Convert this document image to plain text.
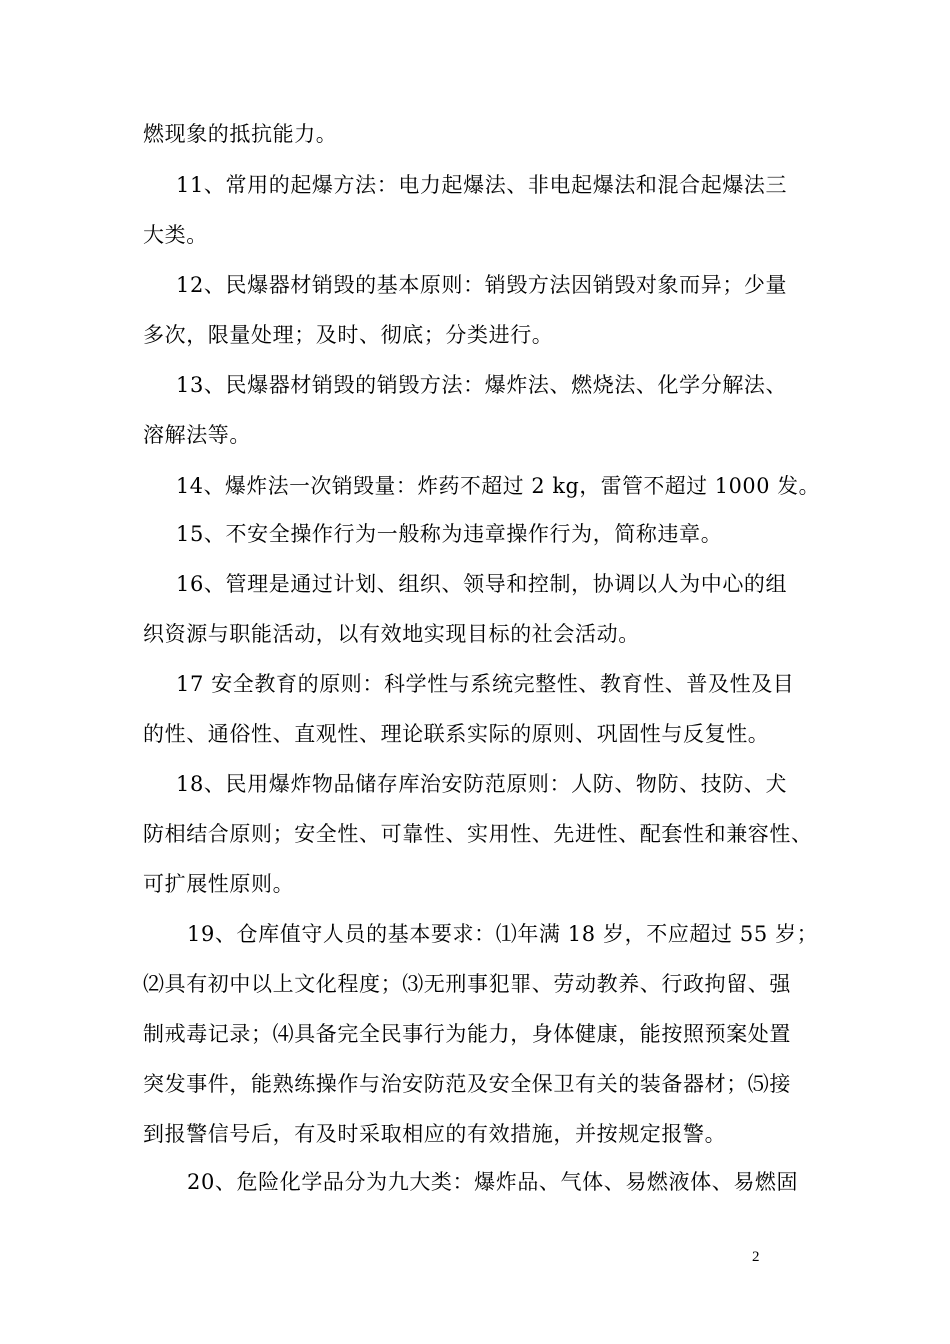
燃现象的抵抗能力。
11、常用的起爆方法：电力起爆法、非电起爆法和混合起爆法三
大类。
12、民爆器材销毁的基本原则：销毁方法因销毁对象而异；少量
多次，限量处理；及时、彻底；分类进行。
13、民爆器材销毁的销毁方法：爆炸法、燃烧法、化学分解法、
溶解法等。
14、爆炸法一次销毁量：炸药不超过 2 kg，雷管不超过 1000 发。
15、不安全操作行为一般称为违章操作行为，简称违章。
16、管理是通过计划、组织、领导和控制，协调以人为中心的组
织资源与职能活动，以有效地实现目标的社会活动。
17 安全教育的原则：科学性与系统完整性、教育性、普及性及目
的性、通俗性、直观性、理论联系实际的原则、巩固性与反复性。
18、民用爆炸物品储存库治安防范原则：人防、物防、技防、犬
防相结合原则；安全性、可靠性、实用性、先进性、配套性和兼容性、
可扩展性原则。
19、仓库值守人员的基本要求：⑴年满 18 岁，不应超过 55 岁；
⑵具有初中以上文化程度；⑶无刑事犯罪、劳动教养、行政拘留、强
制戒毒记录；⑷具备完全民事行为能力，身体健康，能按照预案处置
突发事件，能熟练操作与治安防范及安全保卫有关的装备器材；⑸接
到报警信号后，有及时采取相应的有效措施，并按规定报警。
20、危险化学品分为九大类：爆炸品、气体、易燃液体、易燃固
2
